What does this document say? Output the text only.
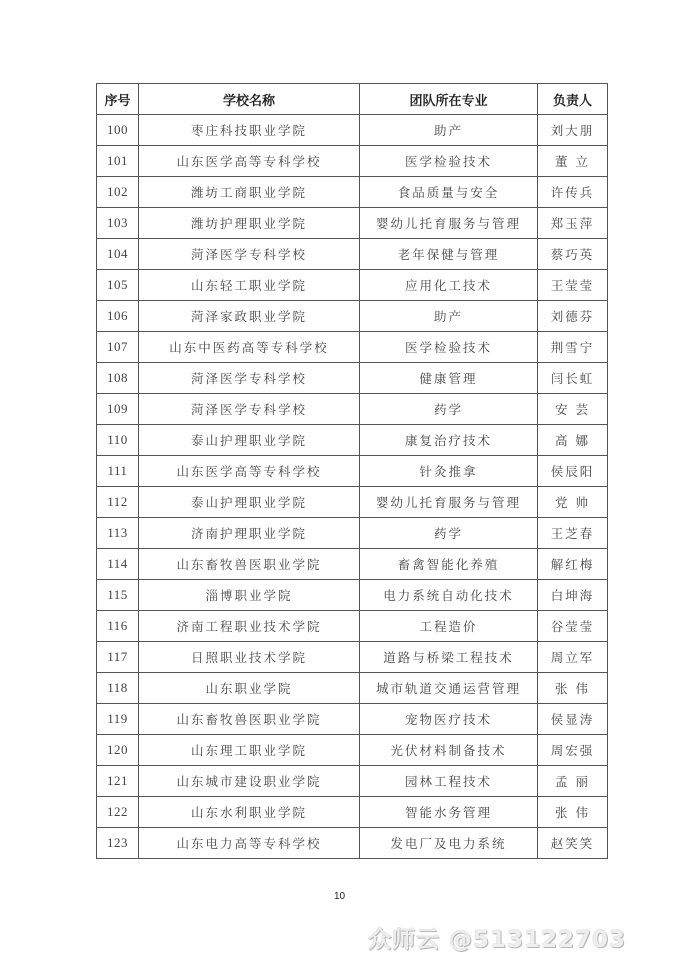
序号	学校名称	团队所在专业	负责人
100	枣庄科技职业学院	助产	刘大朋
101	山东医学高等专科学校	医学检验技术	董 立
102	潍坊工商职业学院	食品质量与安全	许传兵
103	潍坊护理职业学院	婴幼儿托育服务与管理	郑玉萍
104	菏泽医学专科学校	老年保健与管理	蔡巧英
105	山东轻工职业学院	应用化工技术	王莹莹
106	菏泽家政职业学院	助产	刘德芬
107	山东中医药高等专科学校	医学检验技术	荆雪宁
108	菏泽医学专科学校	健康管理	闫长虹
109	菏泽医学专科学校	药学	安 芸
110	泰山护理职业学院	康复治疗技术	高 娜
111	山东医学高等专科学校	针灸推拿	侯辰阳
112	泰山护理职业学院	婴幼儿托育服务与管理	党 帅
113	济南护理职业学院	药学	王芝春
114	山东畜牧兽医职业学院	畜禽智能化养殖	解红梅
115	淄博职业学院	电力系统自动化技术	白坤海
116	济南工程职业技术学院	工程造价	谷莹莹
117	日照职业技术学院	道路与桥梁工程技术	周立军
118	山东职业学院	城市轨道交通运营管理	张 伟
119	山东畜牧兽医职业学院	宠物医疗技术	侯显涛
120	山东理工职业学院	光伏材料制备技术	周宏强
121	山东城市建设职业学院	园林工程技术	孟 丽
122	山东水利职业学院	智能水务管理	张 伟
123	山东电力高等专科学校	发电厂及电力系统	赵笑笑
10
众师云 @513122703
